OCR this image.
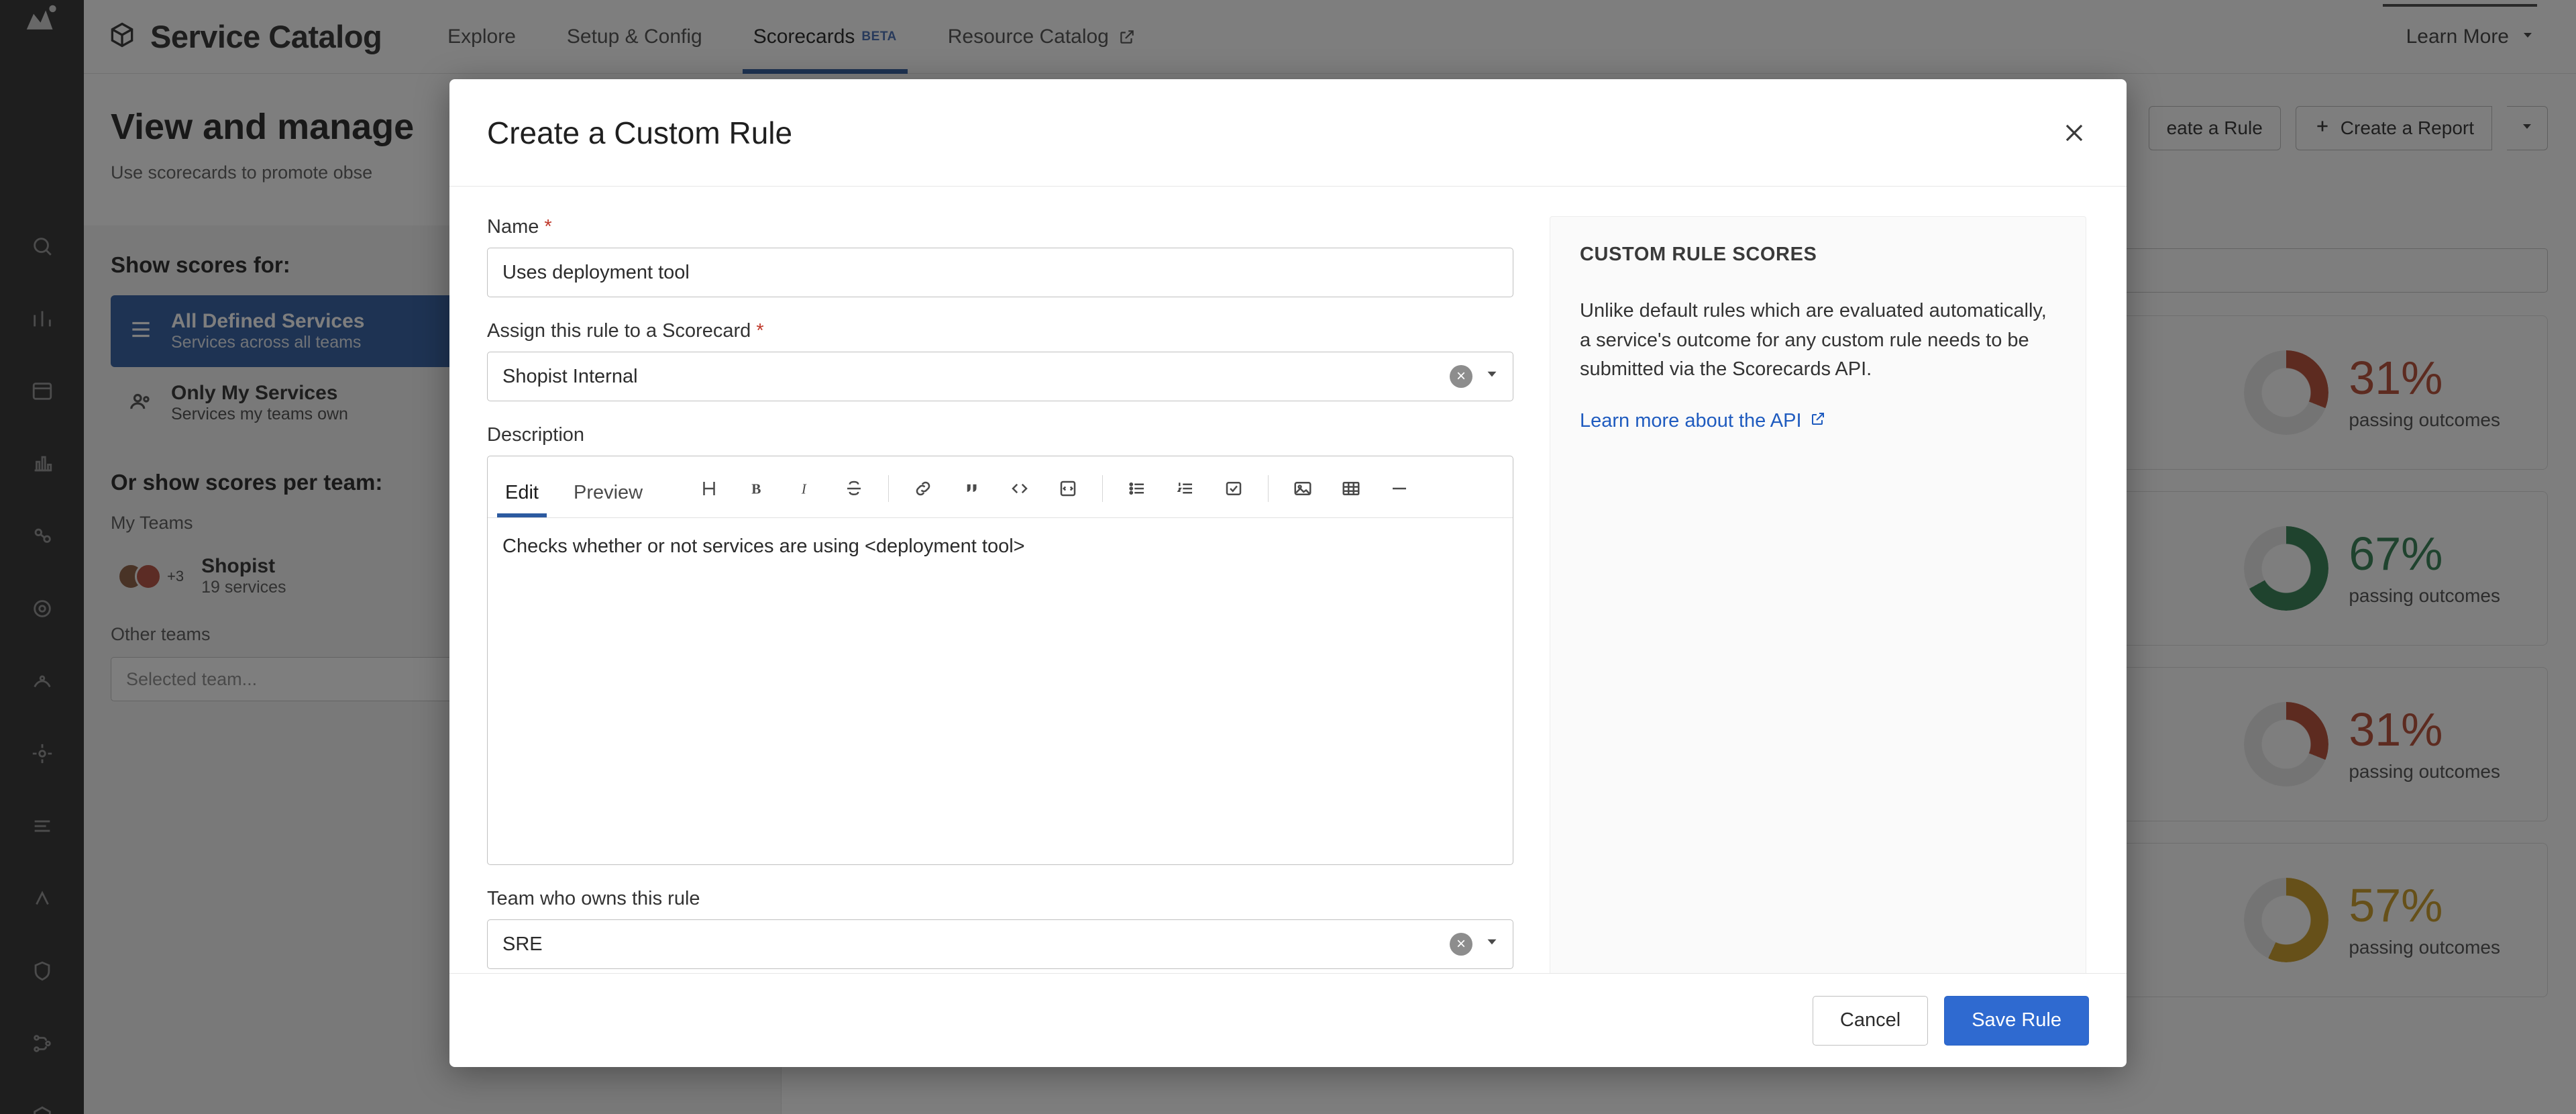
Create a Custom Rule
Name *
Uses deployment tool
Assign this rule to a Scorecard *
Shopist Internal	×
Description
Edit	Preview	B	I
Checks whether or not services are using <deployment tool>
Team who owns this rule
SRE	×
CUSTOM RULE SCORES
Unlike default rules which are evaluated automatically, a service's outcome for any custom rule needs to be submitted via the Scorecards API.
Learn more about the API
Cancel	Save Rule
